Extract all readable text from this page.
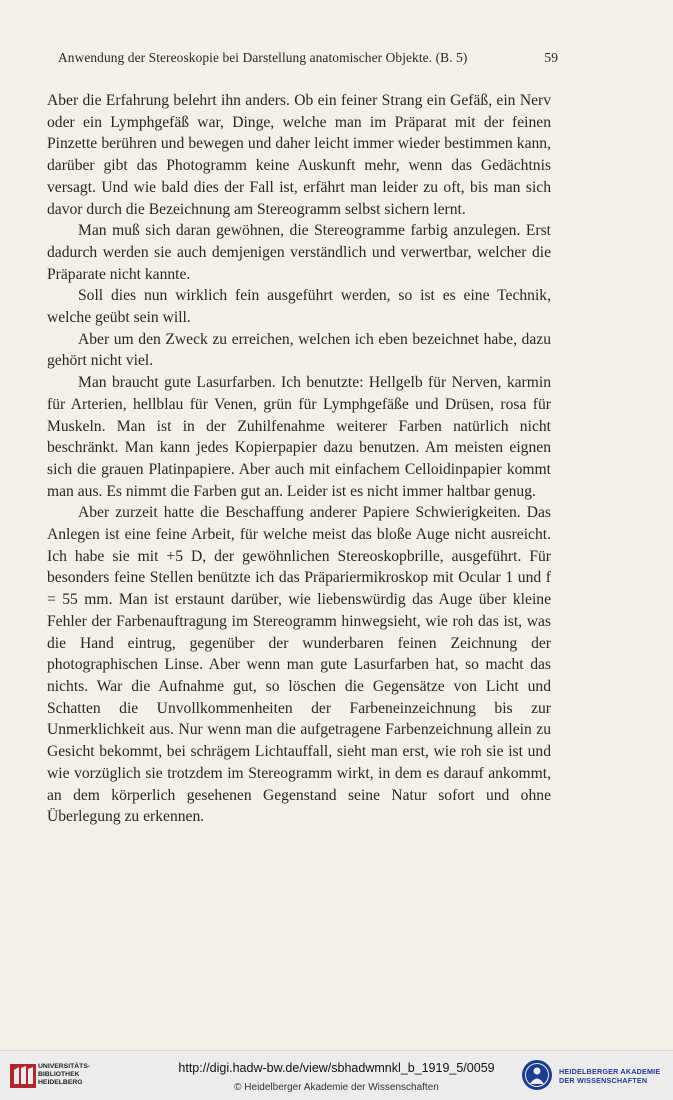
Anwendung der Stereoskopie bei Darstellung anatomischer Objekte. (B. 5)	59

Aber die Erfahrung belehrt ihn anders. Ob ein feiner Strang ein Gefäß, ein Nerv oder ein Lymphgefäß war, Dinge, welche man im Präparat mit der feinen Pinzette berühren und bewegen und daher leicht immer wieder bestimmen kann, darüber gibt das Photogramm keine Auskunft mehr, wenn das Gedächtnis versagt. Und wie bald dies der Fall ist, erfährt man leider zu oft, bis man sich davor durch die Bezeichnung am Stereogramm selbst sichern lernt.

Man muß sich daran gewöhnen, die Stereogramme farbig anzulegen. Erst dadurch werden sie auch demjenigen verständlich und verwertbar, welcher die Präparate nicht kannte.

Soll dies nun wirklich fein ausgeführt werden, so ist es eine Technik, welche geübt sein will.

Aber um den Zweck zu erreichen, welchen ich eben bezeichnet habe, dazu gehört nicht viel.

Man braucht gute Lasurfarben. Ich benutzte: Hellgelb für Nerven, karmin für Arterien, hellblau für Venen, grün für Lymphgefäße und Drüsen, rosa für Muskeln. Man ist in der Zuhilfenahme weiterer Farben natürlich nicht beschränkt. Man kann jedes Kopierpapier dazu benutzen. Am meisten eignen sich die grauen Platinpapiere. Aber auch mit einfachem Celloidinpapier kommt man aus. Es nimmt die Farben gut an. Leider ist es nicht immer haltbar genug.

Aber zurzeit hatte die Beschaffung anderer Papiere Schwierigkeiten. Das Anlegen ist eine feine Arbeit, für welche meist das bloße Auge nicht ausreicht. Ich habe sie mit +5 D, der gewöhnlichen Stereoskopbrille, ausgeführt. Für besonders feine Stellen benützte ich das Präpariermikroskop mit Ocular 1 und f = 55 mm. Man ist erstaunt darüber, wie liebenswürdig das Auge über kleine Fehler der Farbenauftragung im Stereogramm hinwegsieht, wie roh das ist, was die Hand eintrug, gegenüber der wunderbaren feinen Zeichnung der photographischen Linse. Aber wenn man gute Lasurfarben hat, so macht das nichts. War die Aufnahme gut, so löschen die Gegensätze von Licht und Schatten die Unvollkommenheiten der Farbeneinzeichnung bis zur Unmerklichkeit aus. Nur wenn man die aufgetragene Farbenzeichnung allein zu Gesicht bekommt, bei schrägem Lichtauffall, sieht man erst, wie roh sie ist und wie vorzüglich sie trotzdem im Stereogramm wirkt, in dem es darauf ankommt, an dem körperlich gesehenen Gegenstand seine Natur sofort und ohne Überlegung zu erkennen.

UNIVERSITÄTS-
BIBLIOTHEK
HEIDELBERG
http://digi.hadw-bw.de/view/sbhadwmnkl_b_1919_5/0059
© Heidelberger Akademie der Wissenschaften
HEIDELBERGER AKADEMIE
DER WISSENSCHAFTEN
